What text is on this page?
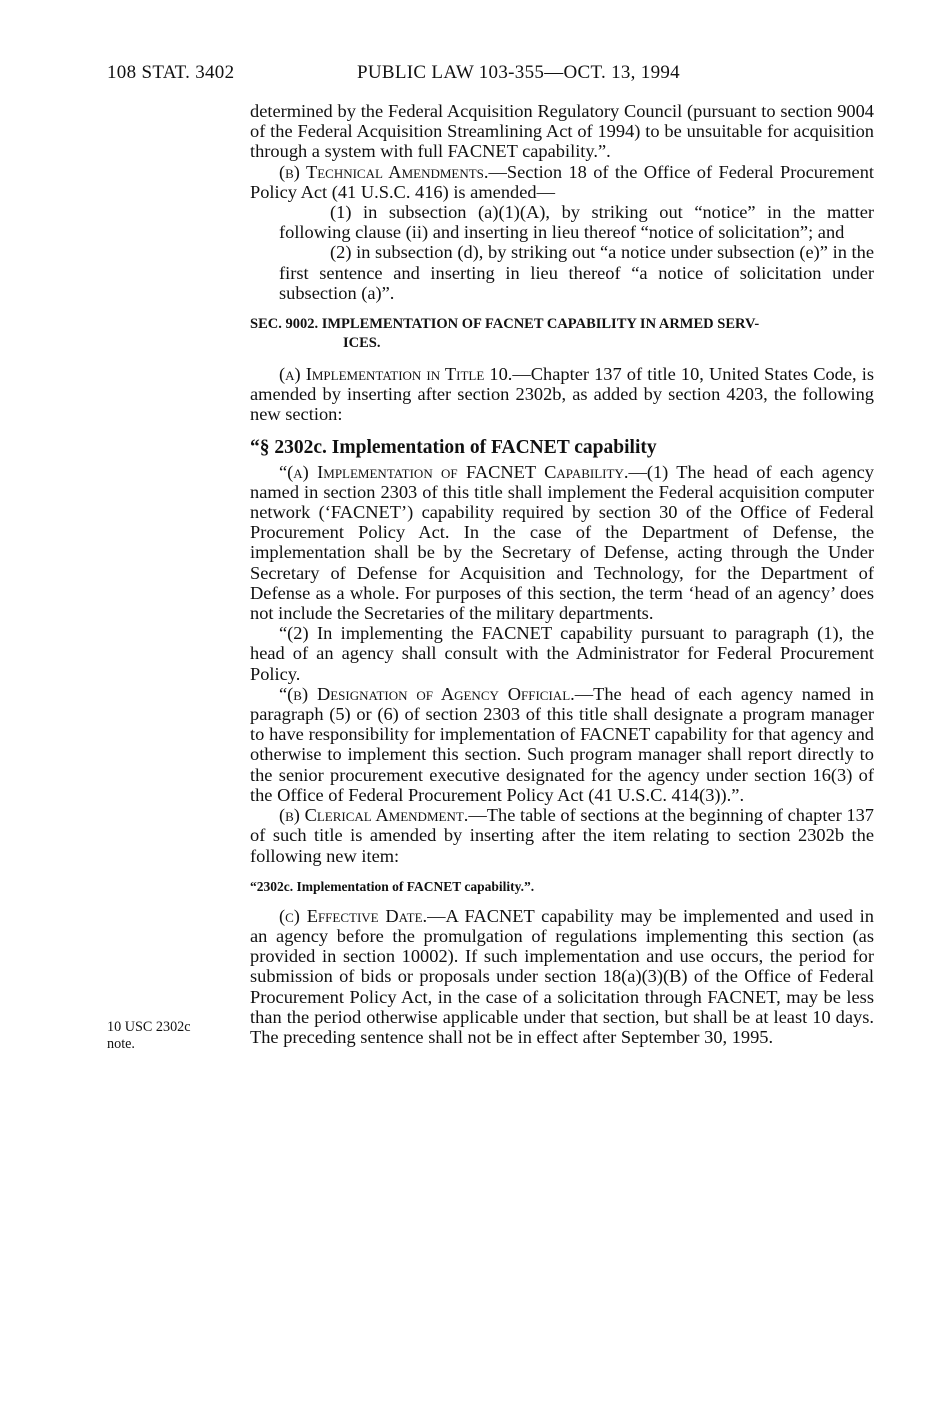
108 STAT. 3402	PUBLIC LAW 103-355—OCT. 13, 1994

determined by the Federal Acquisition Regulatory Council (pursuant to section 9004 of the Federal Acquisition Streamlining Act of 1994) to be unsuitable for acquisition through a system with full FACNET capability.”.

(b) Technical Amendments.—Section 18 of the Office of Federal Procurement Policy Act (41 U.S.C. 416) is amended—

(1) in subsection (a)(1)(A), by striking out “notice” in the matter following clause (ii) and inserting in lieu thereof “notice of solicitation”; and

(2) in subsection (d), by striking out “a notice under subsection (e)” in the first sentence and inserting in lieu thereof “a notice of solicitation under subsection (a)”.

SEC. 9002. IMPLEMENTATION OF FACNET CAPABILITY IN ARMED SERV-
ICES.

(a) Implementation in Title 10.—Chapter 137 of title 10, United States Code, is amended by inserting after section 2302b, as added by section 4203, the following new section:

“§ 2302c. Implementation of FACNET capability

“(a) Implementation of FACNET Capability.—(1) The head of each agency named in section 2303 of this title shall implement the Federal acquisition computer network (‘FACNET’) capability required by section 30 of the Office of Federal Procurement Policy Act. In the case of the Department of Defense, the implementation shall be by the Secretary of Defense, acting through the Under Secretary of Defense for Acquisition and Technology, for the Department of Defense as a whole. For purposes of this section, the term ‘head of an agency’ does not include the Secretaries of the military departments.

“(2) In implementing the FACNET capability pursuant to paragraph (1), the head of an agency shall consult with the Administrator for Federal Procurement Policy.

“(b) Designation of Agency Official.—The head of each agency named in paragraph (5) or (6) of section 2303 of this title shall designate a program manager to have responsibility for implementation of FACNET capability for that agency and otherwise to implement this section. Such program manager shall report directly to the senior procurement executive designated for the agency under section 16(3) of the Office of Federal Procurement Policy Act (41 U.S.C. 414(3)).”.

(b) Clerical Amendment.—The table of sections at the beginning of chapter 137 of such title is amended by inserting after the item relating to section 2302b the following new item:

“2302c. Implementation of FACNET capability.”.

(c) Effective Date.—A FACNET capability may be implemented and used in an agency before the promulgation of regulations implementing this section (as provided in section 10002). If such implementation and use occurs, the period for submission of bids or proposals under section 18(a)(3)(B) of the Office of Federal Procurement Policy Act, in the case of a solicitation through FACNET, may be less than the period otherwise applicable under that section, but shall be at least 10 days. The preceding sentence shall not be in effect after September 30, 1995.

10 USC 2302c
note.
